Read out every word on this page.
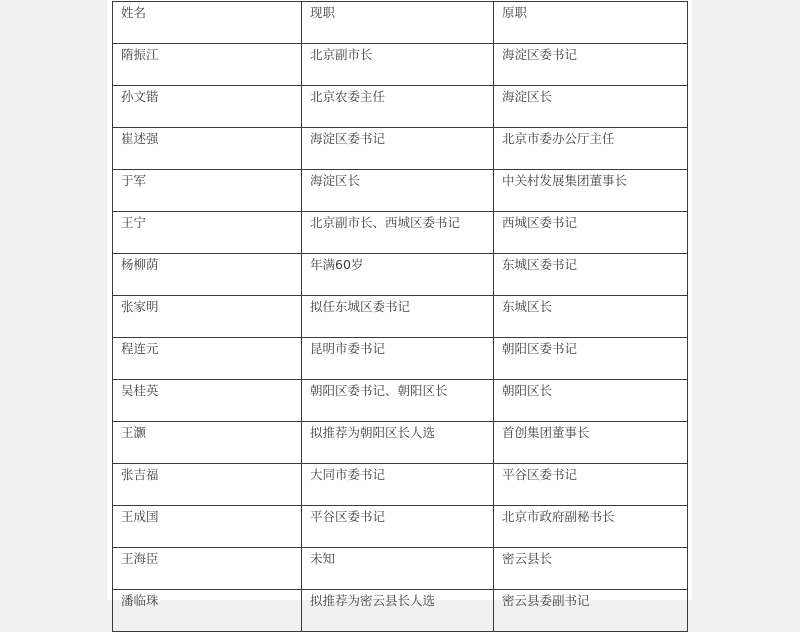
姓名	现职	原职
隋振江	北京副市长	海淀区委书记
孙文锴	北京农委主任	海淀区长
崔述强	海淀区委书记	北京市委办公厅主任
于军	海淀区长	中关村发展集团董事长
王宁	北京副市长、西城区委书记	西城区委书记
杨柳荫	年满60岁	东城区委书记
张家明	拟任东城区委书记	东城区长
程连元	昆明市委书记	朝阳区委书记
吴桂英	朝阳区委书记、朝阳区长	朝阳区长
王灏	拟推荐为朝阳区长人选	首创集团董事长
张吉福	大同市委书记	平谷区委书记
王成国	平谷区委书记	北京市政府副秘书长
王海臣	未知	密云县长
潘临珠	拟推荐为密云县长人选	密云县委副书记
